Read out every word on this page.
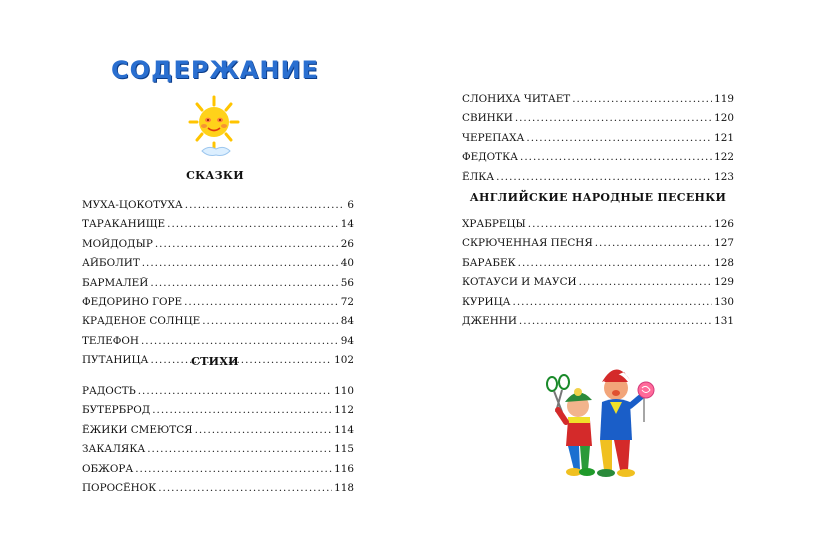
СОДЕРЖАНИЕ
СКАЗКИ
МУХА-ЦОКОТУХА .....	6
ТАРАКАНИЩЕ .....	14
МОЙДОДЫР .....	26
АЙБОЛИТ .....	40
БАРМАЛЕЙ .....	56
ФЕДОРИНО ГОРЕ .....	72
КРАДЕНОЕ СОЛНЦЕ .....	84
ТЕЛЕФОН .....	94
ПУТАНИЦА .....	102
СТИХИ
РАДОСТЬ .....	110
БУТЕРБРОД .....	112
ЁЖИКИ СМЕЮТСЯ .....	114
ЗАКАЛЯКА .....	115
ОБЖОРА .....	116
ПОРОСЁНОК .....	118
СЛОНИХА ЧИТАЕТ .....	119
СВИНКИ .....	120
ЧЕРЕПАХА .....	121
ФЕДОТКА .....	122
ЁЛКА .....	123
АНГЛИЙСКИЕ НАРОДНЫЕ ПЕСЕНКИ
ХРАБРЕЦЫ .....	126
СКРЮЧЕННАЯ ПЕСНЯ .....	127
БАРАБЕК .....	128
КОТАУСИ И МАУСИ .....	129
КУРИЦА .....	130
ДЖЕННИ .....	131
